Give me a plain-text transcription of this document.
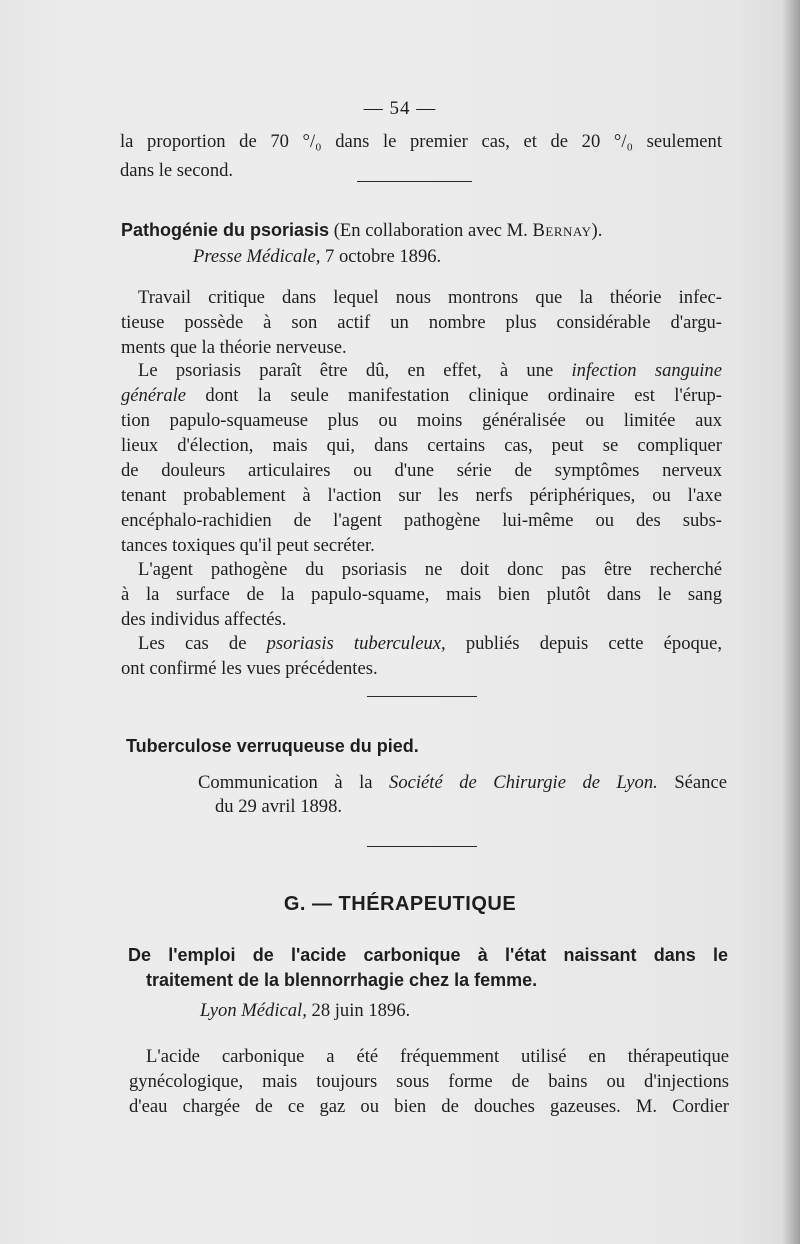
— 54 —
la proportion de 70 °/₀ dans le premier cas, et de 20 °/₀ seulement
dans le second.
Pathogénie du psoriasis (En collaboration avec M. Bernay).
Presse Médicale, 7 octobre 1896.
Travail critique dans lequel nous montrons que la théorie infec-
tieuse possède à son actif un nombre plus considérable d'argu-
ments que la théorie nerveuse.
Le psoriasis paraît être dû, en effet, à une infection sanguine
générale dont la seule manifestation clinique ordinaire est l'érup-
tion papulo-squameuse plus ou moins généralisée ou limitée aux
lieux d'élection, mais qui, dans certains cas, peut se compliquer
de douleurs articulaires ou d'une série de symptômes nerveux
tenant probablement à l'action sur les nerfs périphériques, ou l'axe
encéphalo-rachidien de l'agent pathogène lui-même ou des subs-
tances toxiques qu'il peut secréter.
L'agent pathogène du psoriasis ne doit donc pas être recherché
à la surface de la papulo-squame, mais bien plutôt dans le sang
des individus affectés.
Les cas de psoriasis tuberculeux, publiés depuis cette époque,
ont confirmé les vues précédentes.
Tuberculose verruqueuse du pied.
Communication à la Société de Chirurgie de Lyon. Séance
du 29 avril 1898.
G. — THÉRAPEUTIQUE
De l'emploi de l'acide carbonique à l'état naissant dans le
traitement de la blennorrhagie chez la femme.
Lyon Médical, 28 juin 1896.
L'acide carbonique a été fréquemment utilisé en thérapeutique
gynécologique, mais toujours sous forme de bains ou d'injections
d'eau chargée de ce gaz ou bien de douches gazeuses. M. Cordier
